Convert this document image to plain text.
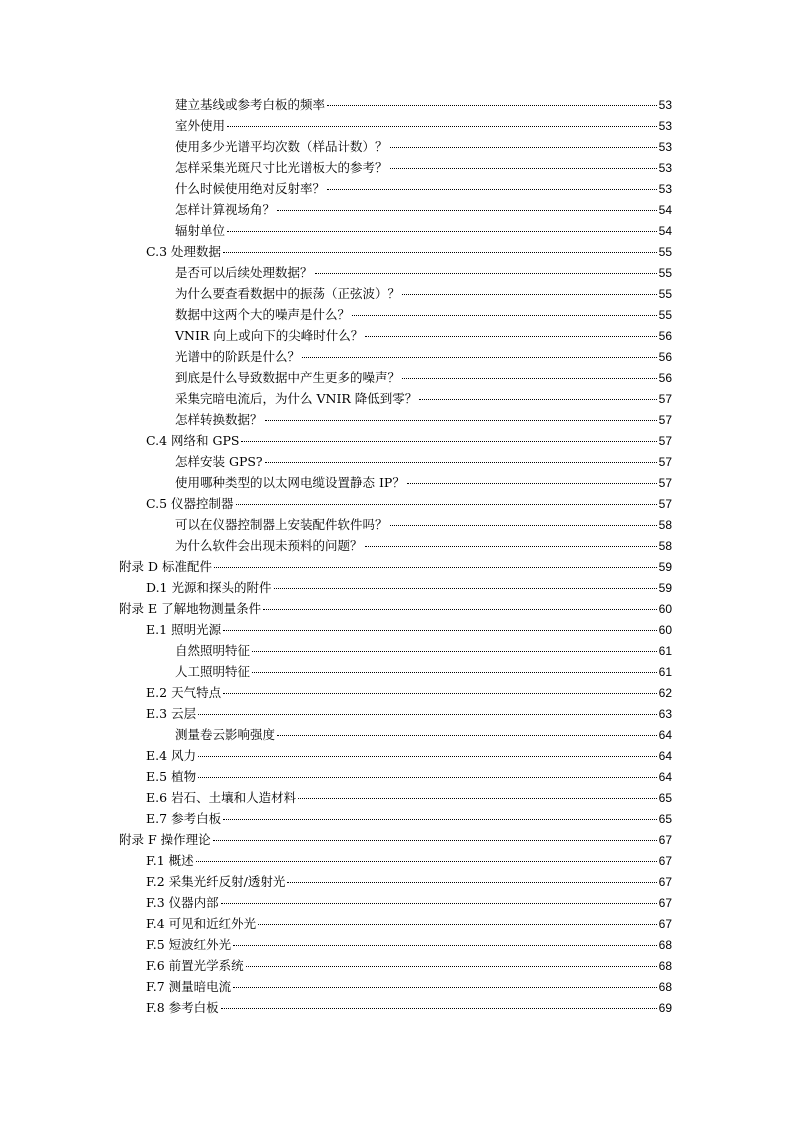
建立基线或参考白板的频率	53
室外使用	53
使用多少光谱平均次数（样品计数）？	53
怎样采集光斑尺寸比光谱板大的参考？	53
什么时候使用绝对反射率？	53
怎样计算视场角？	54
辐射单位	54
C.3 处理数据	55
是否可以后续处理数据？	55
为什么要查看数据中的振荡（正弦波）？	55
数据中这两个大的噪声是什么？	55
VNIR 向上或向下的尖峰时什么？	56
光谱中的阶跃是什么？	56
到底是什么导致数据中产生更多的噪声？	56
采集完暗电流后，为什么 VNIR 降低到零？	57
怎样转换数据？	57
C.4 网络和 GPS	57
怎样安装 GPS?	57
使用哪种类型的以太网电缆设置静态 IP？	57
C.5 仪器控制器	57
可以在仪器控制器上安装配件软件吗？	58
为什么软件会出现未预料的问题？	58
附录 D 标准配件	59
D.1 光源和探头的附件	59
附录 E 了解地物测量条件	60
E.1 照明光源	60
自然照明特征	61
人工照明特征	61
E.2 天气特点	62
E.3 云层	63
测量卷云影响强度	64
E.4 风力	64
E.5 植物	64
E.6 岩石、土壤和人造材料	65
E.7 参考白板	65
附录 F 操作理论	67
F.1 概述	67
F.2 采集光纤反射/透射光	67
F.3 仪器内部	67
F.4 可见和近红外光	67
F.5 短波红外光	68
F.6 前置光学系统	68
F.7 测量暗电流	68
F.8 参考白板	69
